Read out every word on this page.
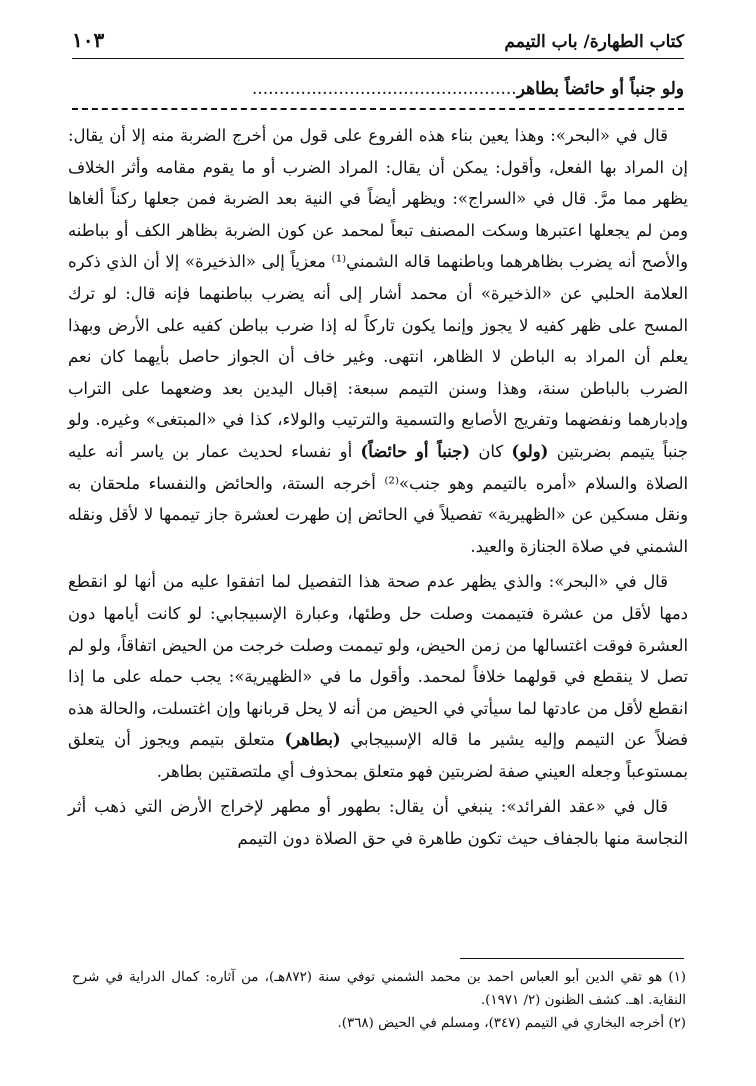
كتاب الطهارة/ باب التيمم
١٠٣
ولو جنباً أو حائضاً بطاهر.................................................

قال في «البحر»: وهذا يعين بناء هذه الفروع على قول من أخرج الضربة منه إلا أن يقال: إن المراد بها الفعل، وأقول: يمكن أن يقال: المراد الضرب أو ما يقوم مقامه وأثر الخلاف يظهر مما مرَّ. قال في «السراج»: ويظهر أيضاً في النية بعد الضربة فمن جعلها ركناً ألغاها ومن لم يجعلها اعتبرها وسكت المصنف تبعاً لمحمد عن كون الضربة بظاهر الكف أو بباطنه والأصح أنه يضرب بظاهرهما وباطنهما قاله الشمني⁽¹⁾ معزياً إلى «الذخيرة» إلا أن الذي ذكره العلامة الحلبي عن «الذخيرة» أن محمد أشار إلى أنه يضرب بباطنهما فإنه قال: لو ترك المسح على ظهر كفيه لا يجوز وإنما يكون تاركاً له إذا ضرب بباطن كفيه على الأرض وبهذا يعلم أن المراد به الباطن لا الظاهر، انتهى. وغير خاف أن الجواز حاصل بأيهما كان نعم الضرب بالباطن سنة، وهذا وسنن التيمم سبعة: إقبال اليدين بعد وضعهما على التراب وإدبارهما ونفضهما وتفريج الأصابع والتسمية والترتيب والولاء، كذا في «المبتغى» وغيره. ولو جنباً يتيمم بضربتين (ولو) كان (جنباً أو حائضاً) أو نفساء لحديث عمار بن ياسر أنه عليه الصلاة والسلام «أمره بالتيمم وهو جنب»⁽²⁾ أخرجه الستة، والحائض والنفساء ملحقان به ونقل مسكين عن «الظهيرية» تفصيلاً في الحائض إن طهرت لعشرة جاز تيممها لا لأقل ونقله الشمني في صلاة الجنازة والعيد.

قال في «البحر»: والذي يظهر عدم صحة هذا التفصيل لما اتفقوا عليه من أنها لو انقطع دمها لأقل من عشرة فتيممت وصلت حل وطئها، وعبارة الإسبيجابي: لو كانت أيامها دون العشرة فوقت اغتسالها من زمن الحيض، ولو تيممت وصلت خرجت من الحيض اتفاقاً، ولو لم تصل لا ينقطع في قولهما خلافاً لمحمد. وأقول ما في «الظهيرية»: يجب حمله على ما إذا انقطع لأقل من عادتها لما سيأتي في الحيض من أنه لا يحل قربانها وإن اغتسلت، والحالة هذه فضلاً عن التيمم وإليه يشير ما قاله الإسبيجابي (بطاهر) متعلق بتيمم ويجوز أن يتعلق بمستوعباً وجعله العيني صفة لضربتين فهو متعلق بمحذوف أي ملتصقتين بطاهر.

قال في «عقد الفرائد»: ينبغي أن يقال: بطهور أو مطهر لإخراج الأرض التي ذهب أثر النجاسة منها بالجفاف حيث تكون طاهرة في حق الصلاة دون التيمم

(١) هو تقي الدين أبو العباس احمد بن محمد الشمني توفي سنة (٨٧٢هـ)، من آثاره: كمال الدراية في شرح النقاية. اهـ. كشف الظنون (٢/ ١٩٧١).

(٢) أخرجه البخاري في التيمم (٣٤٧)، ومسلم في الحيض (٣٦٨).
